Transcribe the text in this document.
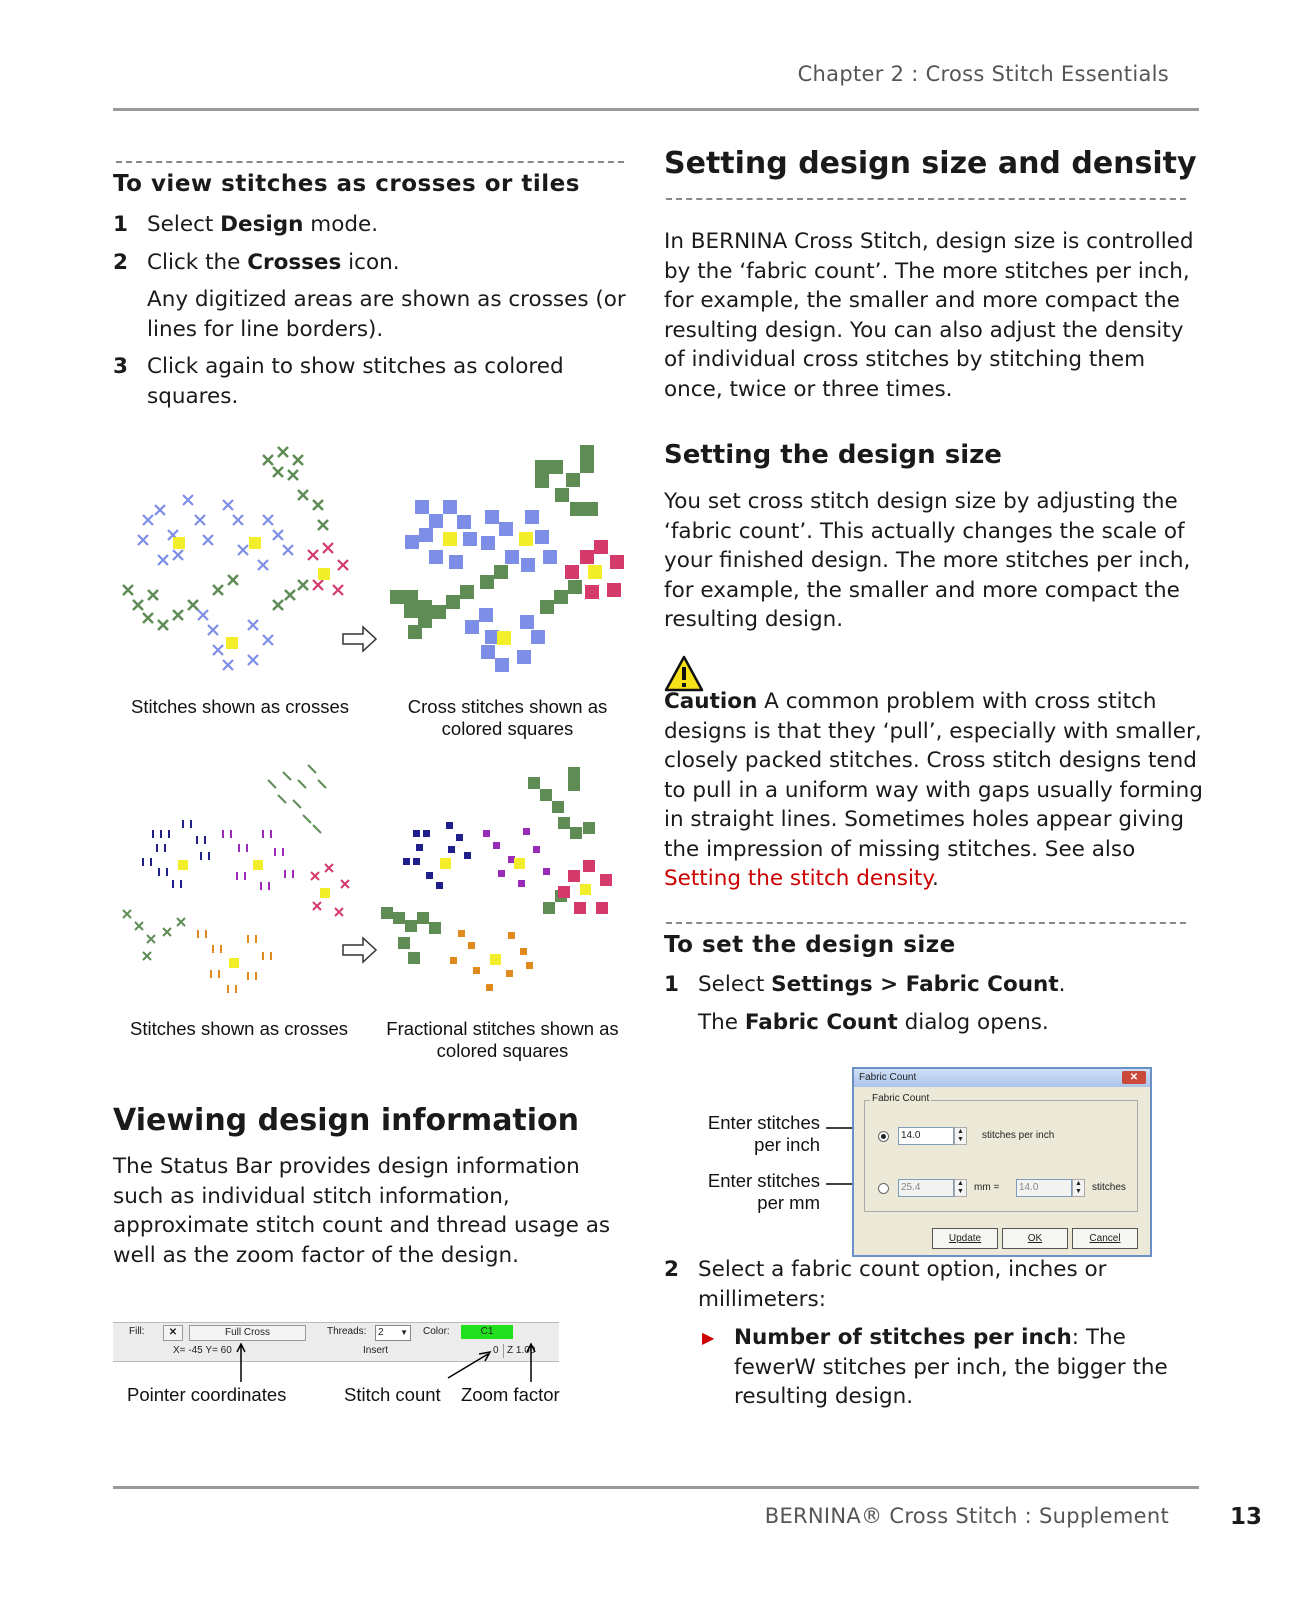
Chapter 2 : Cross Stitch Essentials
To view stitches as crosses or tiles
1 Select Design mode.
2 Click the Crosses icon.
Any digitized areas are shown as crosses (or lines for line borders).
3 Click again to show stitches as colored squares.
Stitches shown as crosses	Cross stitches shown as colored squares
Stitches shown as crosses	Fractional stitches shown as colored squares
Viewing design information
The Status Bar provides design information such as individual stitch information, approximate stitch count and thread usage as well as the zoom factor of the design.
Fill:	✕	Full Cross	Threads:	2 ▼ Color:	C1
X= -45 Y= 60	Insert	0 Z 1.00
Pointer coordinates	Stitch count Zoom factor
Setting design size and density
In BERNINA Cross Stitch, design size is controlled by the ‘fabric count’. The more stitches per inch, for example, the smaller and more compact the resulting design. You can also adjust the density of individual cross stitches by stitching them once, twice or three times.
Setting the design size
You set cross stitch design size by adjusting the ‘fabric count’. This actually changes the scale of your finished design. The more stitches per inch, for example, the smaller and more compact the resulting design.
Caution A common problem with cross stitch designs is that they ‘pull’, especially with smaller, closely packed stitches. Cross stitch designs tend to pull in a uniform way with gaps usually forming in straight lines. Sometimes holes appear giving the impression of missing stitches. See also Setting the stitch density.
To set the design size
1 Select Settings > Fabric Count.
The Fabric Count dialog opens.
Enter stitches per inch
Enter stitches per mm
Fabric Count	✕
Fabric Count
14.0	▲
▼	stitches per inch
25.4	▲
▼	mm =	14.0	▲
▼	stitches
Update	OK	Cancel
2 Select a fabric count option, inches or millimeters:
▶ Number of stitches per inch: The fewerW stitches per inch, the bigger the resulting design.
BERNINA® Cross Stitch : Supplement	13
